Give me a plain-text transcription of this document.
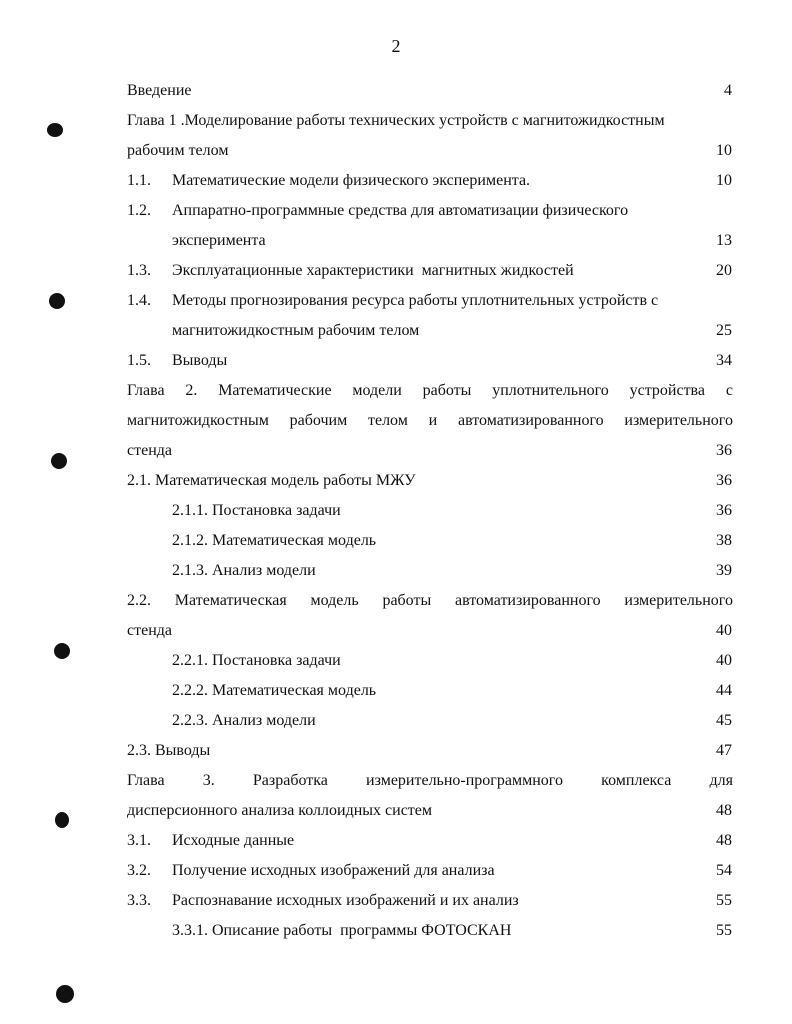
2
Введение	4
Глава 1 .Моделирование работы технических устройств с магнитожидкостным
рабочим телом	10
1.1. Математические модели физического эксперимента.	10
1.2. Аппаратно-программные средства для автоматизации физического
эксперимента	13
1.3. Эксплуатационные характеристики  магнитных жидкостей	20
1.4. Методы прогнозирования ресурса работы уплотнительных устройств с
магнитожидкостным рабочим телом	25
1.5. Выводы	34
Глава 2. Математические модели работы уплотнительного устройства с
магнитожидкостным рабочим телом и автоматизированного измерительного
стенда	36
2.1. Математическая модель работы МЖУ	36
2.1.1. Постановка задачи	36
2.1.2. Математическая модель	38
2.1.3. Анализ модели	39
2.2. Математическая модель работы автоматизированного измерительного
стенда	40
2.2.1. Постановка задачи	40
2.2.2. Математическая модель	44
2.2.3. Анализ модели	45
2.3. Выводы	47
Глава 3. Разработка измерительно-программного комплекса для
дисперсионного анализа коллоидных систем	48
3.1. Исходные данные	48
3.2. Получение исходных изображений для анализа	54
3.3. Распознавание исходных изображений и их анализ	55
3.3.1. Описание работы  программы ФОТОСКАН	55
